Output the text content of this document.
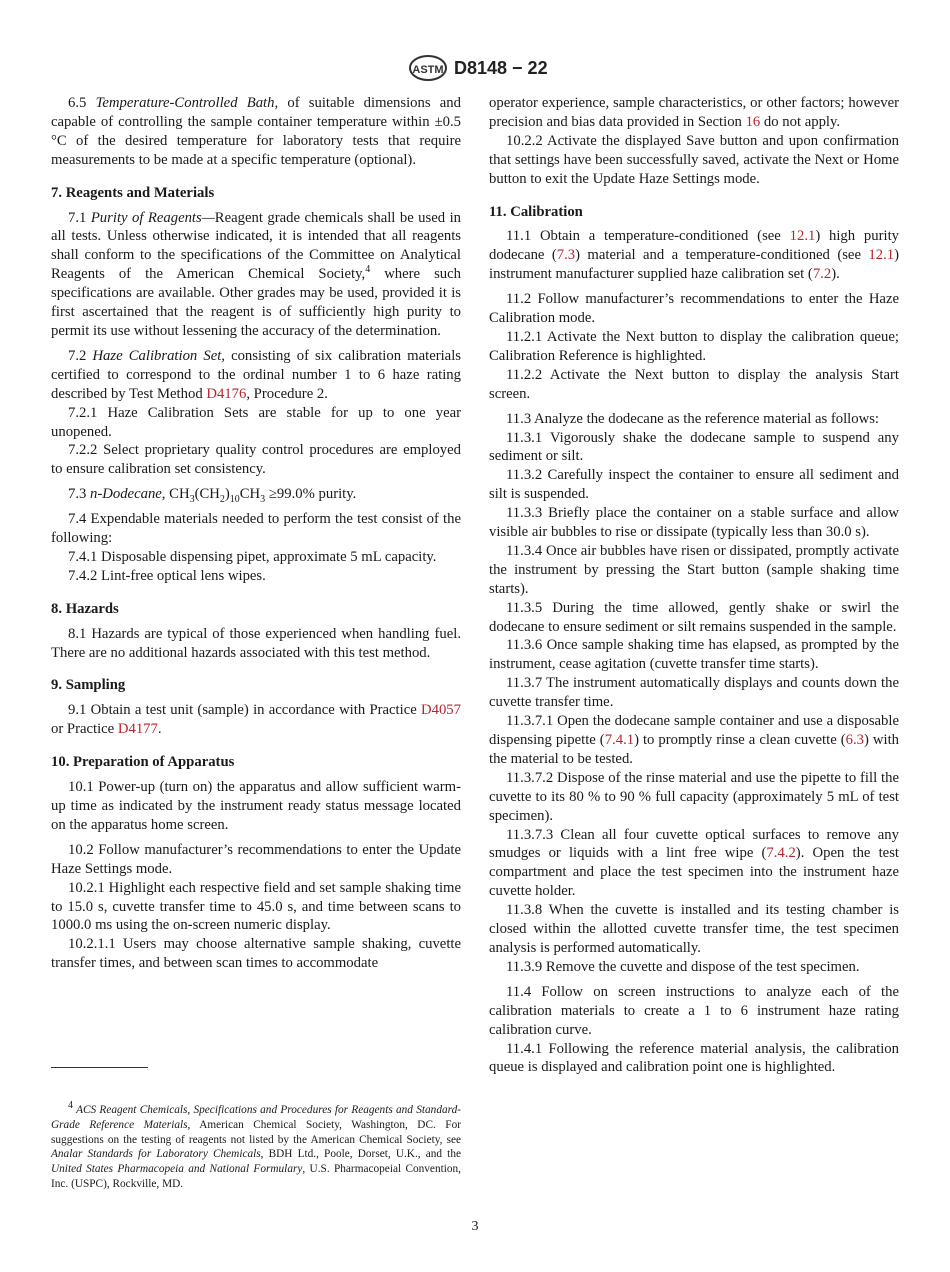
ASTM D8148 − 22

6.5 Temperature-Controlled Bath, of suitable dimensions and capable of controlling the sample container temperature within ±0.5 °C of the desired temperature for laboratory tests that require measurements to be made at a specific temperature (optional).

7. Reagents and Materials

7.1 Purity of Reagents—Reagent grade chemicals shall be used in all tests. Unless otherwise indicated, it is intended that all reagents shall conform to the specifications of the Committee on Analytical Reagents of the American Chemical Society,$^4$ where such specifications are available. Other grades may be used, provided it is first ascertained that the reagent is of sufficiently high purity to permit its use without lessening the accuracy of the determination.

7.2 Haze Calibration Set, consisting of six calibration materials certified to correspond to the ordinal number 1 to 6 haze rating described by Test Method D4176, Procedure 2.

7.2.1 Haze Calibration Sets are stable for up to one year unopened.

7.2.2 Select proprietary quality control procedures are employed to ensure calibration set consistency.

7.3 n-Dodecane, $CH_3(CH_2)_{10}CH_3 \ge 99.0\%$ purity.

7.4 Expendable materials needed to perform the test consist of the following:

7.4.1 Disposable dispensing pipet, approximate 5 mL capacity.

7.4.2 Lint-free optical lens wipes.

8. Hazards

8.1 Hazards are typical of those experienced when handling fuel. There are no additional hazards associated with this test method.

9. Sampling

9.1 Obtain a test unit (sample) in accordance with Practice D4057 or Practice D4177.

10. Preparation of Apparatus

10.1 Power-up (turn on) the apparatus and allow sufficient warm-up time as indicated by the instrument ready status message located on the apparatus home screen.

10.2 Follow manufacturer’s recommendations to enter the Update Haze Settings mode.

10.2.1 Highlight each respective field and set sample shaking time to 15.0 s, cuvette transfer time to 45.0 s, and time between scans to 1000.0 ms using the on-screen numeric display.

10.2.1.1 Users may choose alternative sample shaking, cuvette transfer times, and between scan times to accommodate

operator experience, sample characteristics, or other factors; however precision and bias data provided in Section 16 do not apply.

10.2.2 Activate the displayed Save button and upon confirmation that settings have been successfully saved, activate the Next or Home button to exit the Update Haze Settings mode.

11. Calibration

11.1 Obtain a temperature-conditioned (see 12.1) high purity dodecane (7.3) material and a temperature-conditioned (see 12.1) instrument manufacturer supplied haze calibration set (7.2).

11.2 Follow manufacturer’s recommendations to enter the Haze Calibration mode.

11.2.1 Activate the Next button to display the calibration queue; Calibration Reference is highlighted.

11.2.2 Activate the Next button to display the analysis Start screen.

11.3 Analyze the dodecane as the reference material as follows:

11.3.1 Vigorously shake the dodecane sample to suspend any sediment or silt.

11.3.2 Carefully inspect the container to ensure all sediment and silt is suspended.

11.3.3 Briefly place the container on a stable surface and allow visible air bubbles to rise or dissipate (typically less than 30.0 s).

11.3.4 Once air bubbles have risen or dissipated, promptly activate the instrument by pressing the Start button (sample shaking time starts).

11.3.5 During the time allowed, gently shake or swirl the dodecane to ensure sediment or silt remains suspended in the sample.

11.3.6 Once sample shaking time has elapsed, as prompted by the instrument, cease agitation (cuvette transfer time starts).

11.3.7 The instrument automatically displays and counts down the cuvette transfer time.

11.3.7.1 Open the dodecane sample container and use a disposable dispensing pipette (7.4.1) to promptly rinse a clean cuvette (6.3) with the material to be tested.

11.3.7.2 Dispose of the rinse material and use the pipette to fill the cuvette to its 80 % to 90 % full capacity (approximately 5 mL of test specimen).

11.3.7.3 Clean all four cuvette optical surfaces to remove any smudges or liquids with a lint free wipe (7.4.2). Open the test compartment and place the test specimen into the instrument haze cuvette holder.

11.3.8 When the cuvette is installed and its testing chamber is closed within the allotted cuvette transfer time, the test specimen analysis is performed automatically.

11.3.9 Remove the cuvette and dispose of the test specimen.

11.4 Follow on screen instructions to analyze each of the calibration materials to create a 1 to 6 instrument haze rating calibration curve.

11.4.1 Following the reference material analysis, the calibration queue is displayed and calibration point one is highlighted.

$^4$ ACS Reagent Chemicals, Specifications and Procedures for Reagents and Standard-Grade Reference Materials, American Chemical Society, Washington, DC. For suggestions on the testing of reagents not listed by the American Chemical Society, see Analar Standards for Laboratory Chemicals, BDH Ltd., Poole, Dorset, U.K., and the United States Pharmacopeia and National Formulary, U.S. Pharmacopeial Convention, Inc. (USPC), Rockville, MD.

3
